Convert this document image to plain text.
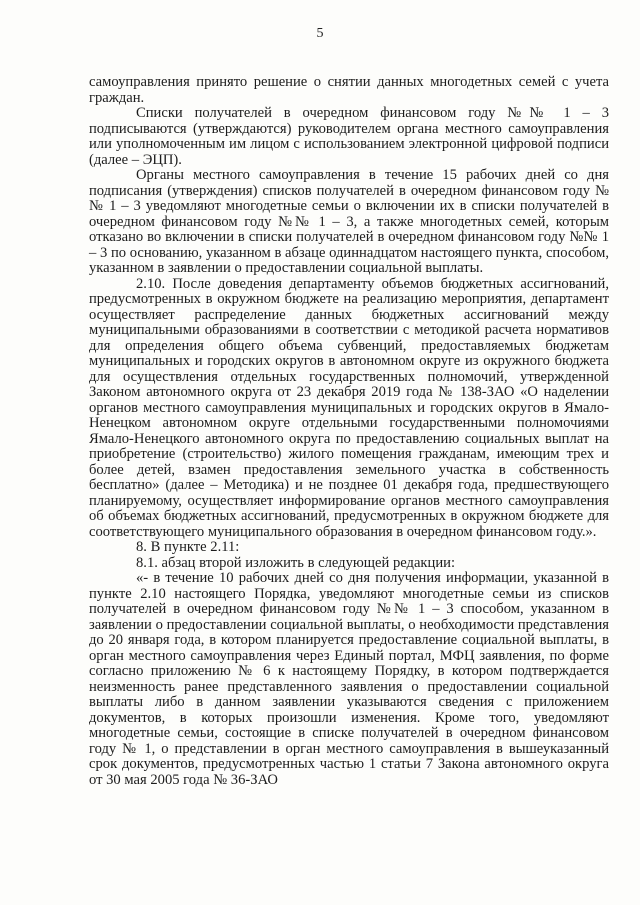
5

самоуправления принято решение о снятии данных многодетных семей с учета граждан.

Списки получателей в очередном финансовом году №№ 1 – 3 подписываются (утверждаются) руководителем органа местного самоуправления или уполномоченным им лицом с использованием электронной цифровой подписи (далее – ЭЦП).

Органы местного самоуправления в течение 15 рабочих дней со дня подписания (утверждения) списков получателей в очередном финансовом году №№ 1 – 3 уведомляют многодетные семьи о включении их в списки получателей в очередном финансовом году №№ 1 – 3, а также многодетных семей, которым отказано во включении в списки получателей в очередном финансовом году №№ 1 – 3 по основанию, указанном в абзаце одиннадцатом настоящего пункта, способом, указанном в заявлении о предоставлении социальной выплаты.

2.10. После доведения департаменту объемов бюджетных ассигнований, предусмотренных в окружном бюджете на реализацию мероприятия, департамент осуществляет распределение данных бюджетных ассигнований между муниципальными образованиями в соответствии с методикой расчета нормативов для определения общего объема субвенций, предоставляемых бюджетам муниципальных и городских округов в автономном округе из окружного бюджета для осуществления отдельных государственных полномочий, утвержденной Законом автономного округа от 23 декабря 2019 года № 138-ЗАО «О наделении органов местного самоуправления муниципальных и городских округов в Ямало-Ненецком автономном округе отдельными государственными полномочиями Ямало-Ненецкого автономного округа по предоставлению социальных выплат на приобретение (строительство) жилого помещения гражданам, имеющим трех и более детей, взамен предоставления земельного участка в собственность бесплатно» (далее – Методика) и не позднее 01 декабря года, предшествующего планируемому, осуществляет информирование органов местного самоуправления об объемах бюджетных ассигнований, предусмотренных в окружном бюджете для соответствующего муниципального образования в очередном финансовом году.».

8. В пункте 2.11:

8.1. абзац второй изложить в следующей редакции:

«- в течение 10 рабочих дней со дня получения информации, указанной в пункте 2.10 настоящего Порядка, уведомляют многодетные семьи из списков получателей в очередном финансовом году №№ 1 – 3 способом, указанном в заявлении о предоставлении социальной выплаты, о необходимости представления до 20 января года, в котором планируется предоставление социальной выплаты, в орган местного самоуправления через Единый портал, МФЦ заявления, по форме согласно приложению № 6 к настоящему Порядку, в котором подтверждается неизменность ранее представленного заявления о предоставлении социальной выплаты либо в данном заявлении указываются сведения с приложением документов, в которых произошли изменения. Кроме того, уведомляют многодетные семьи, состоящие в списке получателей в очередном финансовом году № 1, о представлении в орган местного самоуправления в вышеуказанный срок документов, предусмотренных частью 1 статьи 7 Закона автономного округа от 30 мая 2005 года № 36-ЗАО
